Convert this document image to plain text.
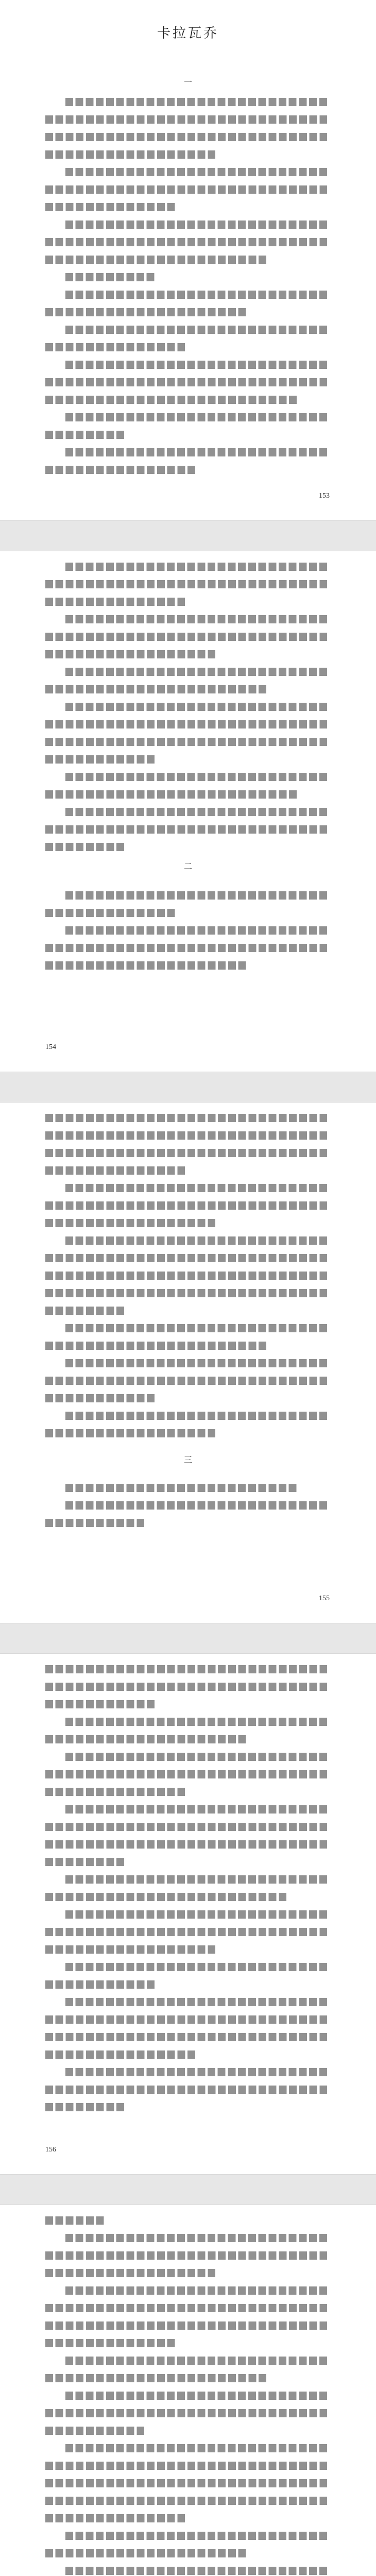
卡拉瓦乔
一
153
二
154
三
155
156
